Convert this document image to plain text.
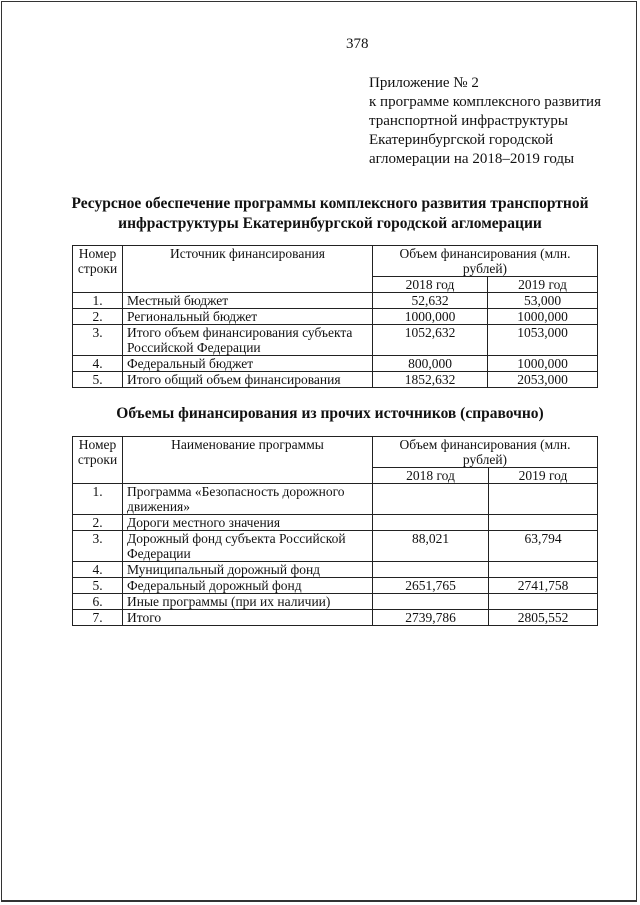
378
Приложение № 2
к программе комплексного развития
транспортной инфраструктуры
Екатеринбургской городской
агломерации на 2018–2019 годы
Ресурсное обеспечение программы комплексного развития транспортной
инфраструктуры Екатеринбургской городской агломерации
Номер
строки	Источник финансирования	Объем финансирования (млн. рублей)	
		2018 год	2019 год
1.	Местный бюджет	52,632	53,000
2.	Региональный бюджет	1000,000	1000,000
3.	Итого объем финансирования субъекта Российской Федерации	1052,632	1053,000
4.	Федеральный бюджет	800,000	1000,000
5.	Итого общий объем финансирования	1852,632	2053,000
Объемы финансирования из прочих источников (справочно)
Номер
строки	Наименование программы	Объем финансирования (млн. рублей)	
		2018 год	2019 год
1.	Программа «Безопасность дорожного движения»		
2.	Дороги местного значения		
3.	Дорожный фонд субъекта Российской Федерации	88,021	63,794
4.	Муниципальный дорожный фонд		
5.	Федеральный дорожный фонд	2651,765	2741,758
6.	Иные программы (при их наличии)		
7.	Итого	2739,786	2805,552
